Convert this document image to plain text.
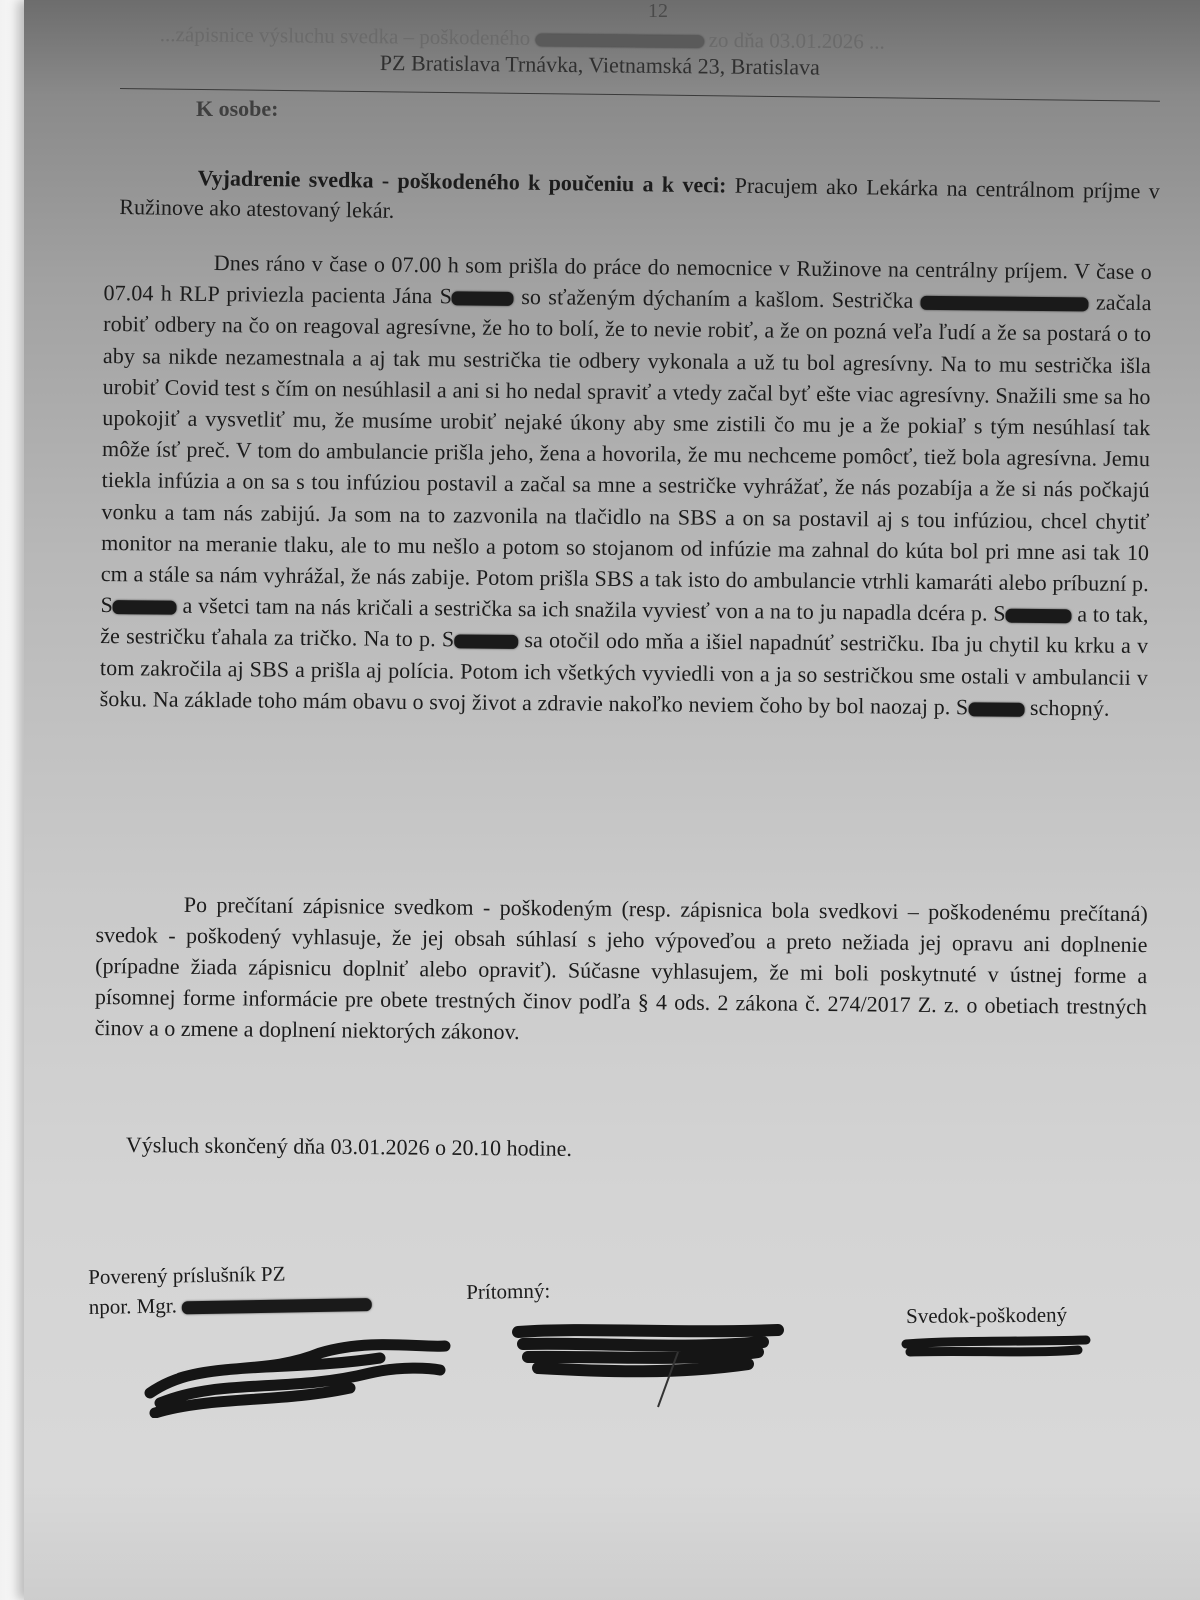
12
...zápisnice výsluchu svedka – poškodeného	zo dňa 03.01.2026 ...
PZ Bratislava Trnávka, Vietnamská 23, Bratislava
K osobe:
Vyjadrenie svedka - poškodeného k poučeniu a k veci: Pracujem ako Lekárka na centrálnom príjme v Ružinove ako atestovaný lekár.
Dnes ráno v čase o 07.00 h som prišla do práce do nemocnice v Ružinove na centrálny príjem. V čase o 07.04 h RLP priviezla pacienta Jána S	so sťaženým dýchaním a kašlom. Sestrička	začala robiť odbery na čo on reagoval agresívne, že ho to bolí, že to nevie robiť, a že on pozná veľa ľudí a že sa postará o to aby sa nikde nezamestnala a aj tak mu sestrička tie odbery vykonala a už tu bol agresívny. Na to mu sestrička išla urobiť Covid test s čím on nesúhlasil a ani si ho nedal spraviť a vtedy začal byť ešte viac agresívny. Snažili sme sa ho upokojiť a vysvetliť mu, že musíme urobiť nejaké úkony aby sme zistili čo mu je a že pokiaľ s tým nesúhlasí tak môže ísť preč. V tom do ambulancie prišla jeho, žena a hovorila, že mu nechceme pomôcť, tiež bola agresívna. Jemu tiekla infúzia a on sa s tou infúziou postavil a začal sa mne a sestričke vyhrážať, že nás pozabíja a že si nás počkajú vonku a tam nás zabijú. Ja som na to zazvonila na tlačidlo na SBS a on sa postavil aj s tou infúziou, chcel chytiť monitor na meranie tlaku, ale to mu nešlo a potom so stojanom od infúzie ma zahnal do kúta bol pri mne asi tak 10 cm a stále sa nám vyhrážal, že nás zabije. Potom prišla SBS a tak isto do ambulancie vtrhli kamaráti alebo príbuzní p. S	a všetci tam na nás kričali a sestrička sa ich snažila vyviesť von a na to ju napadla dcéra p. S	a to tak, že sestričku ťahala za tričko. Na to p. S	sa otočil odo mňa a išiel napadnúť sestričku. Iba ju chytil ku krku a v tom zakročila aj SBS a prišla aj polícia. Potom ich všetkých vyviedli von a ja so sestričkou sme ostali v ambulancii v šoku. Na základe toho mám obavu o svoj život a zdravie nakoľko neviem čoho by bol naozaj p. S	schopný.
Po prečítaní zápisnice svedkom - poškodeným (resp. zápisnica bola svedkovi – poškodenému prečítaná) svedok - poškodený vyhlasuje, že jej obsah súhlasí s jeho výpoveďou a preto nežiada jej opravu ani doplnenie (prípadne žiada zápisnicu doplniť alebo opraviť). Súčasne vyhlasujem, že mi boli poskytnuté v ústnej forme a písomnej forme informácie pre obete trestných činov podľa § 4 ods. 2 zákona č. 274/2017 Z. z. o obetiach trestných činov a o zmene a doplnení niektorých zákonov.
Výsluch skončený dňa 03.01.2026 o 20.10 hodine.
Poverený príslušník PZ
npor. Mgr.
Prítomný:
Svedok-poškodený
